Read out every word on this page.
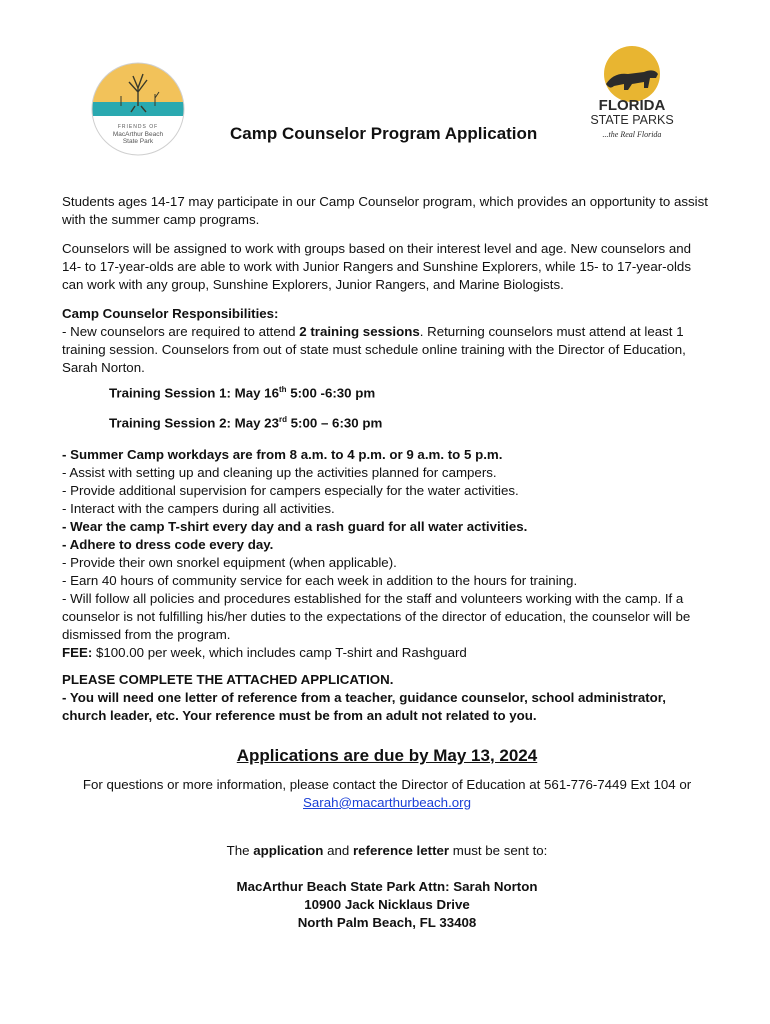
FRIENDS OF
MacArthur Beach
State Park
FLORIDA
STATE PARKS
...the Real Florida
Camp Counselor Program Application

Students ages 14-17 may participate in our Camp Counselor program, which provides an opportunity to assist with the summer camp programs.

Counselors will be assigned to work with groups based on their interest level and age. New counselors and 14- to 17-year-olds are able to work with Junior Rangers and Sunshine Explorers, while 15- to 17-year-olds can work with any group, Sunshine Explorers, Junior Rangers, and Marine Biologists.

Camp Counselor Responsibilities:

- New counselors are required to attend 2 training sessions. Returning counselors must attend at least 1 training session. Counselors from out of state must schedule online training with the Director of Education, Sarah Norton.

Training Session 1: May 16th 5:00 -6:30 pm
Training Session 2: May 23rd 5:00 – 6:30 pm
- Summer Camp workdays are from 8 a.m. to 4 p.m. or 9 a.m. to 5 p.m.
- Assist with setting up and cleaning up the activities planned for campers.
- Provide additional supervision for campers especially for the water activities.
- Interact with the campers during all activities.
- Wear the camp T-shirt every day and a rash guard for all water activities.
- Adhere to dress code every day.
- Provide their own snorkel equipment (when applicable).
- Earn 40 hours of community service for each week in addition to the hours for training.
- Will follow all policies and procedures established for the staff and volunteers working with the camp. If a counselor is not fulfilling his/her duties to the expectations of the director of education, the counselor will be dismissed from the program.

FEE: $100.00 per week, which includes camp T-shirt and Rashguard

PLEASE COMPLETE THE ATTACHED APPLICATION.
- You will need one letter of reference from a teacher, guidance counselor, school administrator, church leader, etc. Your reference must be from an adult not related to you.
Applications are due by May 13, 2024
For questions or more information, please contact the Director of Education at 561-776-7449 Ext 104 or
Sarah@macarthurbeach.org
The application and reference letter must be sent to:
MacArthur Beach State Park Attn: Sarah Norton
10900 Jack Nicklaus Drive
North Palm Beach, FL 33408
